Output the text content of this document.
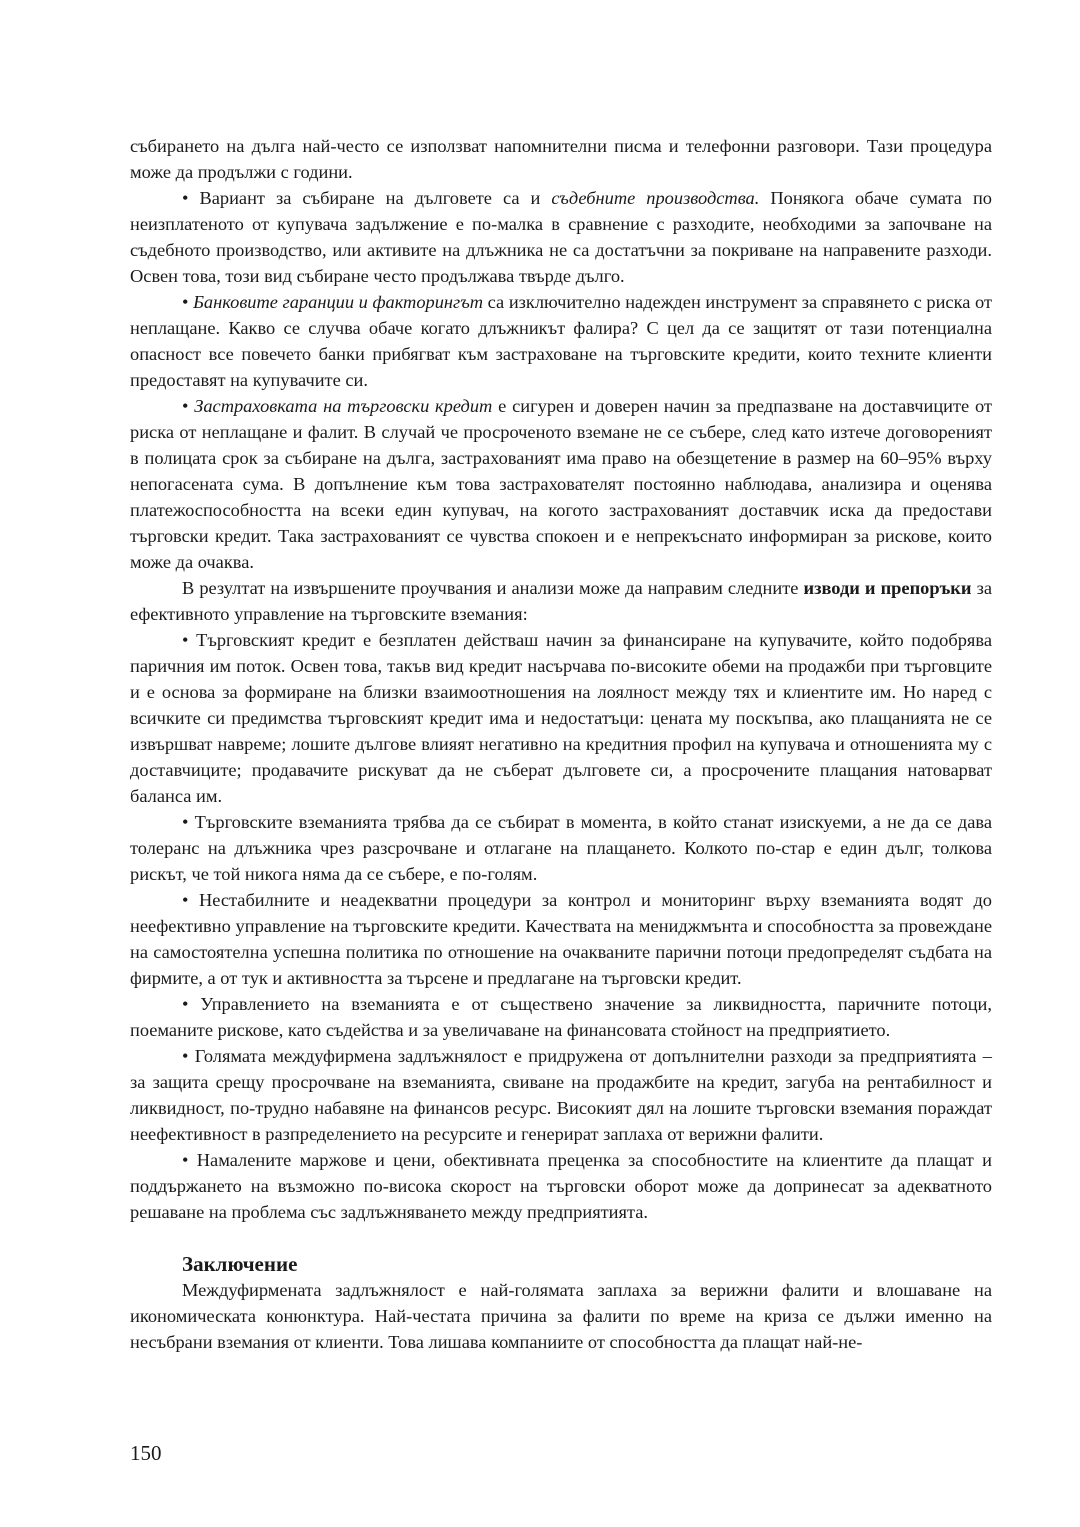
събирането на дълга най-често се използват напомнителни писма и телефонни разговори. Тази процедура може да продължи с години.

• Вариант за събиране на дълговете са и съдебните производства. Понякога обаче сумата по неизплатеното от купувача задължение е по-малка в сравнение с разходите, необходими за започване на съдебното производство, или активите на длъжника не са достатъчни за покриване на направените разходи. Освен това, този вид събиране често продължава твърде дълго.

• Банковите гаранции и факторингът са изключително надежден инструмент за справянето с риска от неплащане. Какво се случва обаче когато длъжникът фалира? С цел да се защитят от тази потенциална опасност все повечето банки прибягват към застраховане на търговските кредити, които техните клиенти предоставят на купувачите си.

• Застраховката на търговски кредит е сигурен и доверен начин за предпазване на доставчиците от риска от неплащане и фалит. В случай че просроченото вземане не се събере, след като изтече договореният в полицата срок за събиране на дълга, застрахованият има право на обезщетение в размер на 60–95% върху непогасената сума. В допълнение към това застрахователят постоянно наблюдава, анализира и оценява платежоспособността на всеки един купувач, на когото застрахованият доставчик иска да предостави търговски кредит. Така застрахованият се чувства спокоен и е непрекъснато информиран за рискове, които може да очаква.

В резултат на извършените проучвания и анализи може да направим следните изводи и препоръки за ефективното управление на търговските вземания:

• Търговският кредит е безплатен действаш начин за финансиране на купувачите, който подобрява паричния им поток. Освен това, такъв вид кредит насърчава по-високите обеми на продажби при търговците и е основа за формиране на близки взаимоотношения на лоялност между тях и клиентите им. Но наред с всичките си предимства търговският кредит има и недостатъци: цената му поскъпва, ако плащанията не се извършват навреме; лошите дългове влияят негативно на кредитния профил на купувача и отношенията му с доставчиците; продавачите рискуват да не съберат дълговете си, а просрочените плащания натоварват баланса им.

• Търговските вземанията трябва да се събират в момента, в който станат изискуеми, а не да се дава толеранс на длъжника чрез разсрочване и отлагане на плащането. Колкото по-стар е един дълг, толкова рискът, че той никога няма да се събере, е по-голям.

• Нестабилните и неадекватни процедури за контрол и мониторинг върху вземанията водят до неефективно управление на търговските кредити. Качествата на мениджмънта и способността за провеждане на самостоятелна успешна политика по отношение на очакваните парични потоци предопределят съдбата на фирмите, а от тук и активността за търсене и предлагане на търговски кредит.

• Управлението на вземанията е от съществено значение за ликвидността, паричните потоци, поеманите рискове, като съдейства и за увеличаване на финансовата стойност на предприятието.

• Голямата междуфирмена задлъжнялост е придружена от допълнителни разходи за предприятията – за защита срещу просрочване на вземанията, свиване на продажбите на кредит, загуба на рентабилност и ликвидност, по-трудно набавяне на финансов ресурс. Високият дял на лошите търговски вземания пораждат неефективност в разпределението на ресурсите и генерират заплаха от верижни фалити.

• Намалените маржове и цени, обективната преценка за способностите на клиентите да плащат и поддържането на възможно по-висока скорост на търговски оборот може да допринесат за адекватното решаване на проблема със задлъжняването между предприятията.

Заключение

Междуфирмената задлъжнялост е най-голямата заплаха за верижни фалити и влошаване на икономическата конюнктура. Най-честата причина за фалити по време на криза се дължи именно на несъбрани вземания от клиенти. Това лишава компаниите от способността да плащат най-не-

150
